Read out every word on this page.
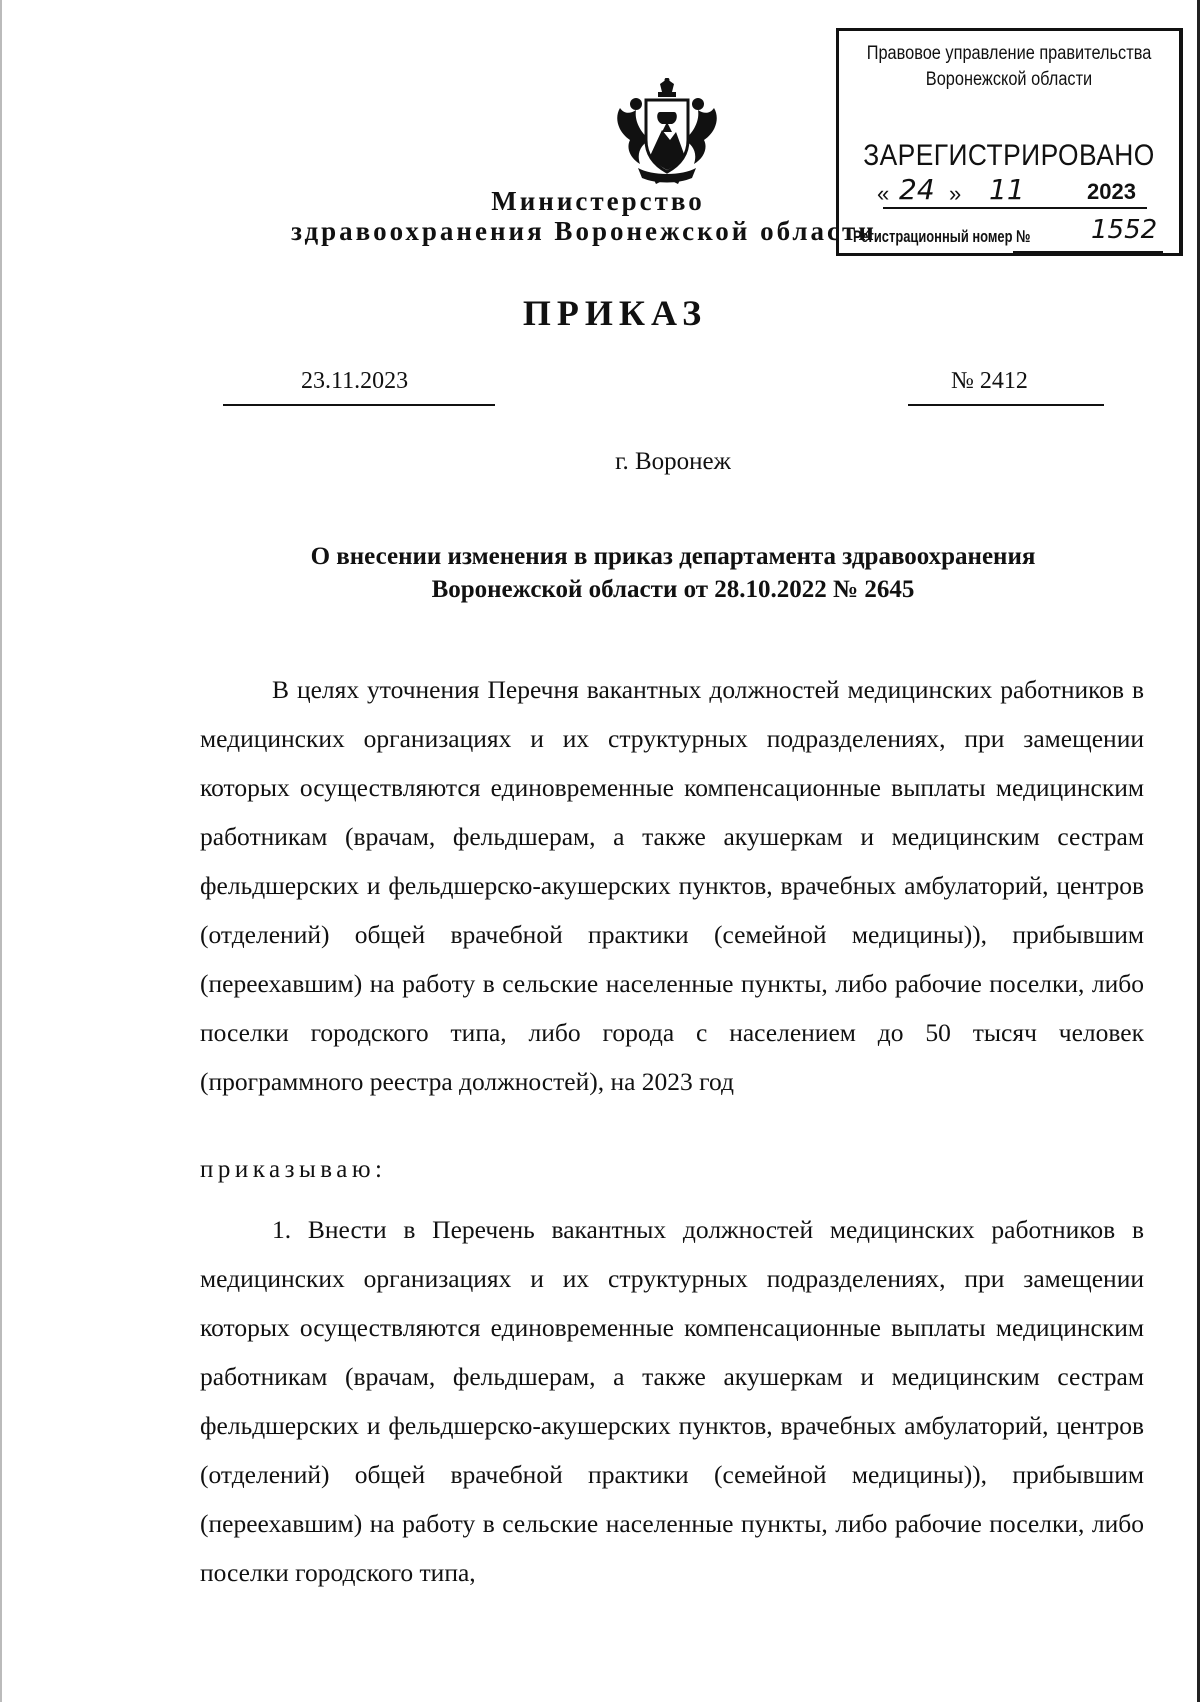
Министерство
здравоохранения Воронежской области
Правовое управление правительства
Воронежской области
ЗАРЕГИСТРИРОВАНО
« 24 » 11	2023
Регистрационный номер № 1552
ПРИКАЗ
23.11.2023	№ 2412
г. Воронеж
О внесении изменения в приказ департамента здравоохранения
Воронежской области от 28.10.2022 № 2645

В целях уточнения Перечня вакантных должностей медицинских работников в медицинских организациях и их структурных подразделениях, при замещении которых осуществляются единовременные компенсационные выплаты медицинским работникам (врачам, фельдшерам, а также акушеркам и медицинским сестрам фельдшерских и фельдшерско-акушерских пунктов, врачебных амбулаторий, центров (отделений) общей врачебной практики (семейной медицины)), прибывшим (переехавшим) на работу в сельские населенные пункты, либо рабочие поселки, либо поселки городского типа, либо города с населением до 50 тысяч человек (программного реестра должностей), на 2023 год

приказываю:

1. Внести в Перечень вакантных должностей медицинских работников в медицинских организациях и их структурных подразделениях, при замещении которых осуществляются единовременные компенсационные выплаты медицинским работникам (врачам, фельдшерам, а также акушеркам и медицинским сестрам фельдшерских и фельдшерско-акушерских пунктов, врачебных амбулаторий, центров (отделений) общей врачебной практики (семейной медицины)), прибывшим (переехавшим) на работу в сельские населенные пункты, либо рабочие поселки, либо поселки городского типа,
